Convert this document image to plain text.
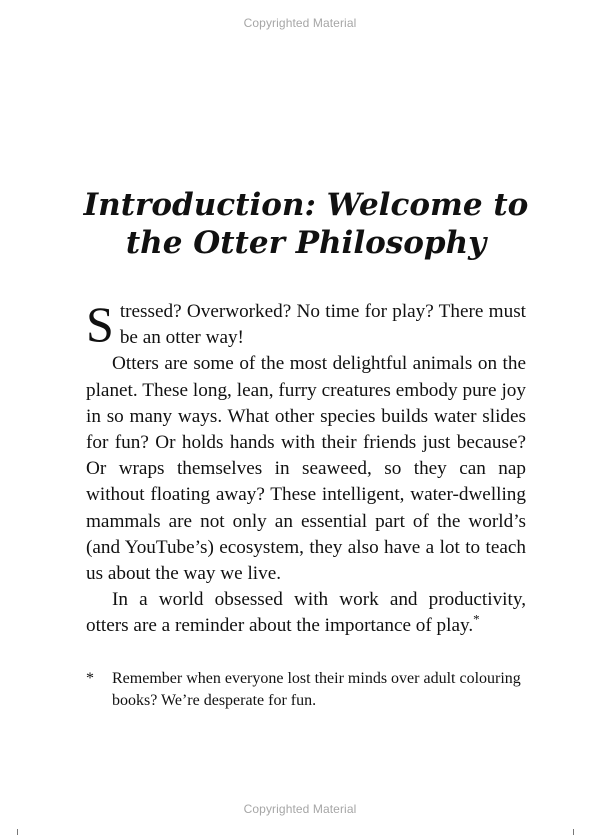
Copyrighted Material
Introduction: Welcome to
the Otter Philosophy

Stressed? Overworked? No time for play? There must be an otter way!

Otters are some of the most delightful animals on the planet. These long, lean, furry creatures embody pure joy in so many ways. What other species builds water slides for fun? Or holds hands with their friends just because? Or wraps themselves in seaweed, so they can nap without floating away? These intelligent, water-dwelling mammals are not only an essential part of the world’s (and YouTube’s) ecosystem, they also have a lot to teach us about the way we live.

In a world obsessed with work and productivity, otters are a reminder about the importance of play.*

* Remember when everyone lost their minds over adult colouring books? We’re desperate for fun.
Copyrighted Material
